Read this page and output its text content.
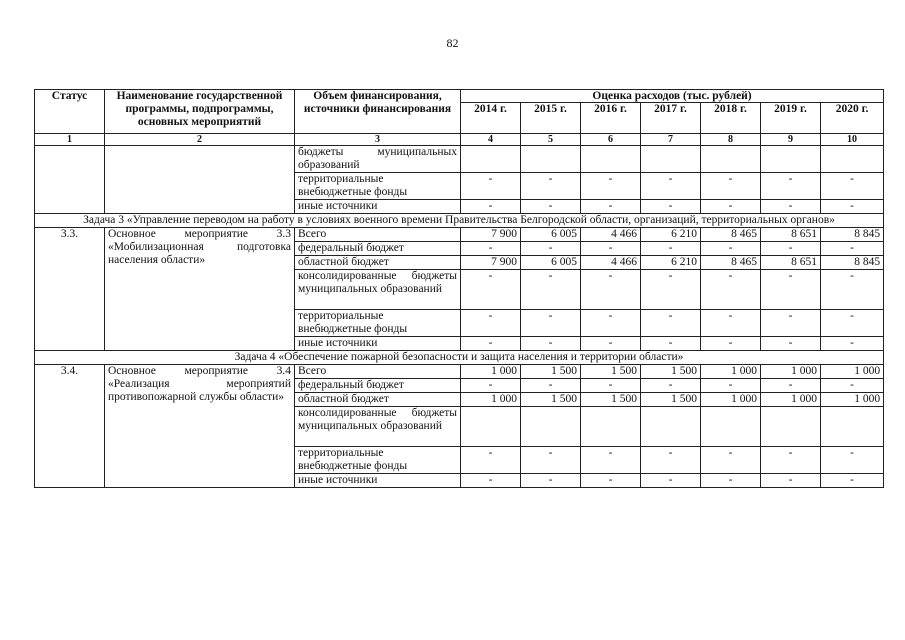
82
Статус	Наименование государственной программы, подпрограммы, основных мероприятий	Объем финансирования, источники финансирования	Оценка расходов (тыс. рублей)						
			2014 г.	2015 г.	2016 г.	2017 г.	2018 г.	2019 г.	2020 г.
1	2	3	4	5	6	7	8	9	10
		бюджеты муниципальных образований							
		территориальные внебюджетные фонды	-	-	-	-	-	-	-
		иные источники	-	-	-	-	-	-	-
Задача 3 «Управление переводом на работу в условиях военного времени Правительства Белгородской области, организаций, территориальных органов»									
3.3.	Основное мероприятие 3.3 «Мобилизационная подготовка населения области»	Всего	7 900	6 005	4 466	6 210	8 465	8 651	8 845
		федеральный бюджет	-	-	-	-	-	-	-
		областной бюджет	7 900	6 005	4 466	6 210	8 465	8 651	8 845
		консолидированные бюджеты муниципальных образований	-	-	-	-	-	-	-
		территориальные внебюджетные фонды	-	-	-	-	-	-	-
		иные источники	-	-	-	-	-	-	-
Задача 4 «Обеспечение пожарной безопасности и защита населения и территории области»									
3.4.	Основное мероприятие 3.4 «Реализация мероприятий противопожарной службы области»	Всего	1 000	1 500	1 500	1 500	1 000	1 000	1 000
		федеральный бюджет	-	-	-	-	-	-	-
		областной бюджет	1 000	1 500	1 500	1 500	1 000	1 000	1 000
		консолидированные бюджеты муниципальных образований							
		территориальные внебюджетные фонды	-	-	-	-	-	-	-
		иные источники	-	-	-	-	-	-	-
